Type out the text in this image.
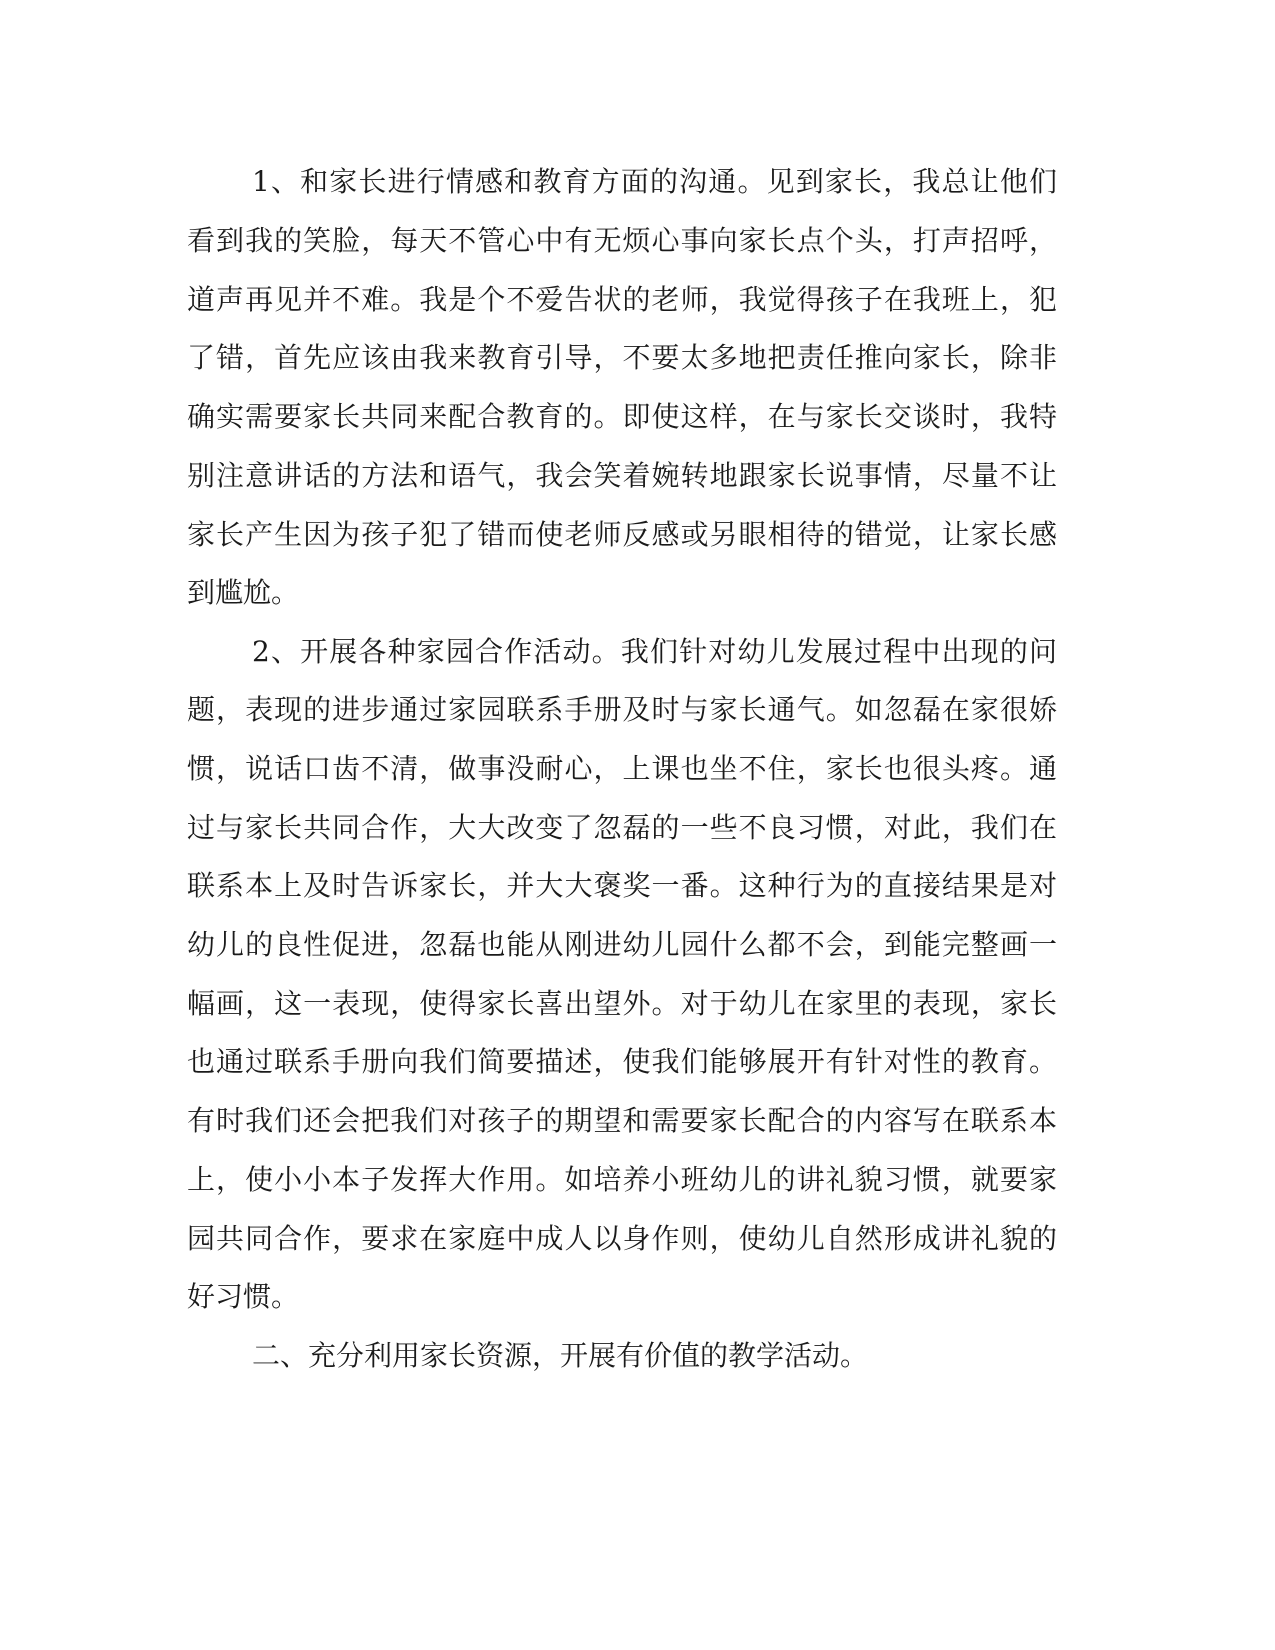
1、和家长进行情感和教育方面的沟通。见到家长，我总让他们

看到我的笑脸，每天不管心中有无烦心事向家长点个头，打声招呼，

道声再见并不难。我是个不爱告状的老师，我觉得孩子在我班上，犯

了错，首先应该由我来教育引导，不要太多地把责任推向家长，除非

确实需要家长共同来配合教育的。即使这样，在与家长交谈时，我特

别注意讲话的方法和语气，我会笑着婉转地跟家长说事情，尽量不让

家长产生因为孩子犯了错而使老师反感或另眼相待的错觉，让家长感

到尴尬。

2、开展各种家园合作活动。我们针对幼儿发展过程中出现的问

题，表现的进步通过家园联系手册及时与家长通气。如忽磊在家很娇

惯，说话口齿不清，做事没耐心，上课也坐不住，家长也很头疼。通

过与家长共同合作，大大改变了忽磊的一些不良习惯，对此，我们在

联系本上及时告诉家长，并大大褒奖一番。这种行为的直接结果是对

幼儿的良性促进，忽磊也能从刚进幼儿园什么都不会，到能完整画一

幅画，这一表现，使得家长喜出望外。对于幼儿在家里的表现，家长

也通过联系手册向我们简要描述，使我们能够展开有针对性的教育。

有时我们还会把我们对孩子的期望和需要家长配合的内容写在联系本

上，使小小本子发挥大作用。如培养小班幼儿的讲礼貌习惯，就要家

园共同合作，要求在家庭中成人以身作则，使幼儿自然形成讲礼貌的

好习惯。

二、充分利用家长资源，开展有价值的教学活动。
